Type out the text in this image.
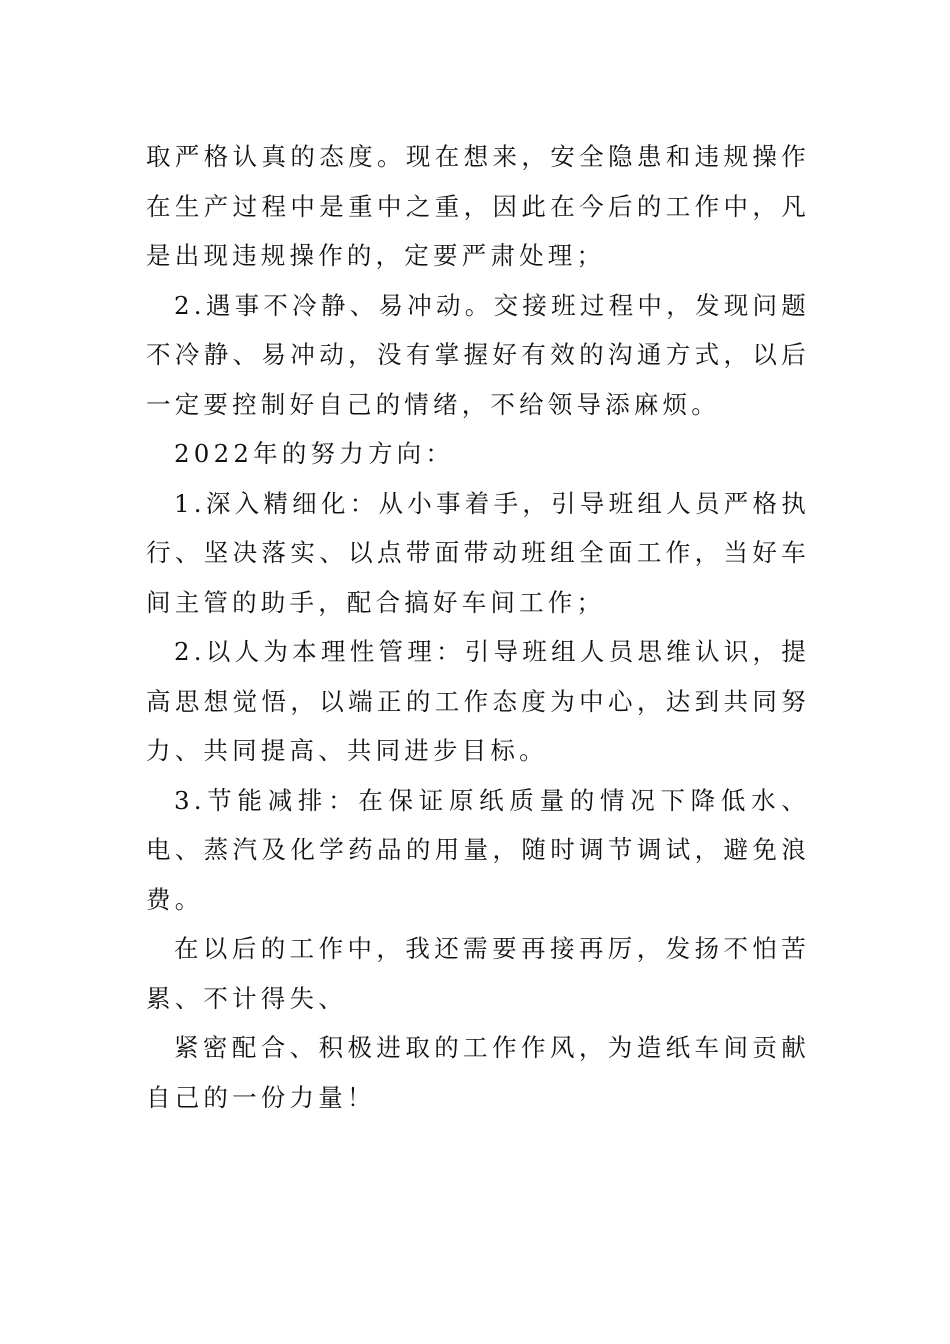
取严格认真的态度。现在想来，安全隐患和违规操作在生产过程中是重中之重，因此在今后的工作中，凡是出现违规操作的，定要严肃处理；

2.遇事不冷静、易冲动。交接班过程中，发现问题不冷静、易冲动，没有掌握好有效的沟通方式，以后一定要控制好自己的情绪，不给领导添麻烦。

2022年的努力方向：

1.深入精细化：从小事着手，引导班组人员严格执行、坚决落实、以点带面带动班组全面工作，当好车间主管的助手，配合搞好车间工作；

2.以人为本理性管理：引导班组人员思维认识，提高思想觉悟，以端正的工作态度为中心，达到共同努力、共同提高、共同进步目标。

3.节能减排：在保证原纸质量的情况下降低水、电、蒸汽及化学药品的用量，随时调节调试，避免浪费。

在以后的工作中，我还需要再接再厉，发扬不怕苦累、不计得失、

紧密配合、积极进取的工作作风，为造纸车间贡献自己的一份力量！
